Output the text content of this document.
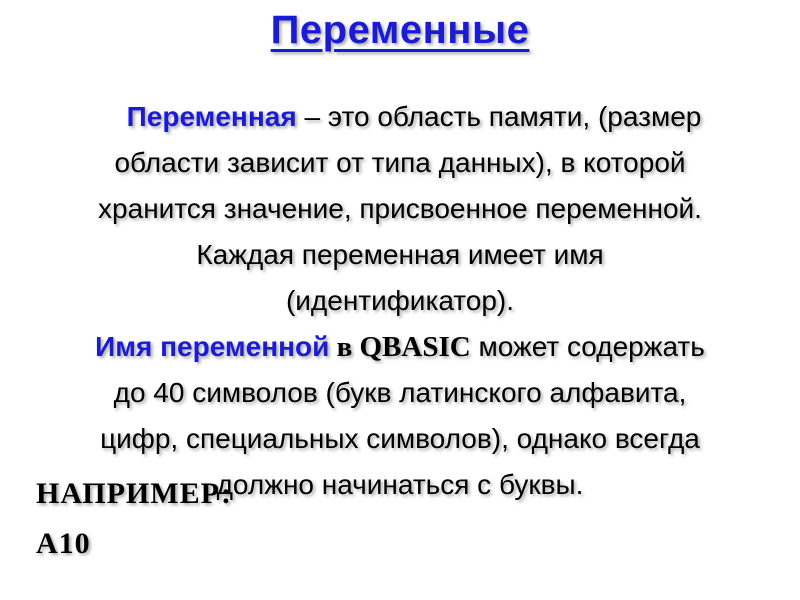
Переменные

Переменная – это область памяти, (размер
области зависит от типа данных), в которой
хранится значение, присвоенное переменной.
Каждая переменная имеет имя
(идентификатор).

Имя переменной в QBASIC может содержать
до 40 символов (букв латинского алфавита,
цифр, специальных символов), однако всегда
должно начинаться с буквы.

НАПРИМЕР:
A10
